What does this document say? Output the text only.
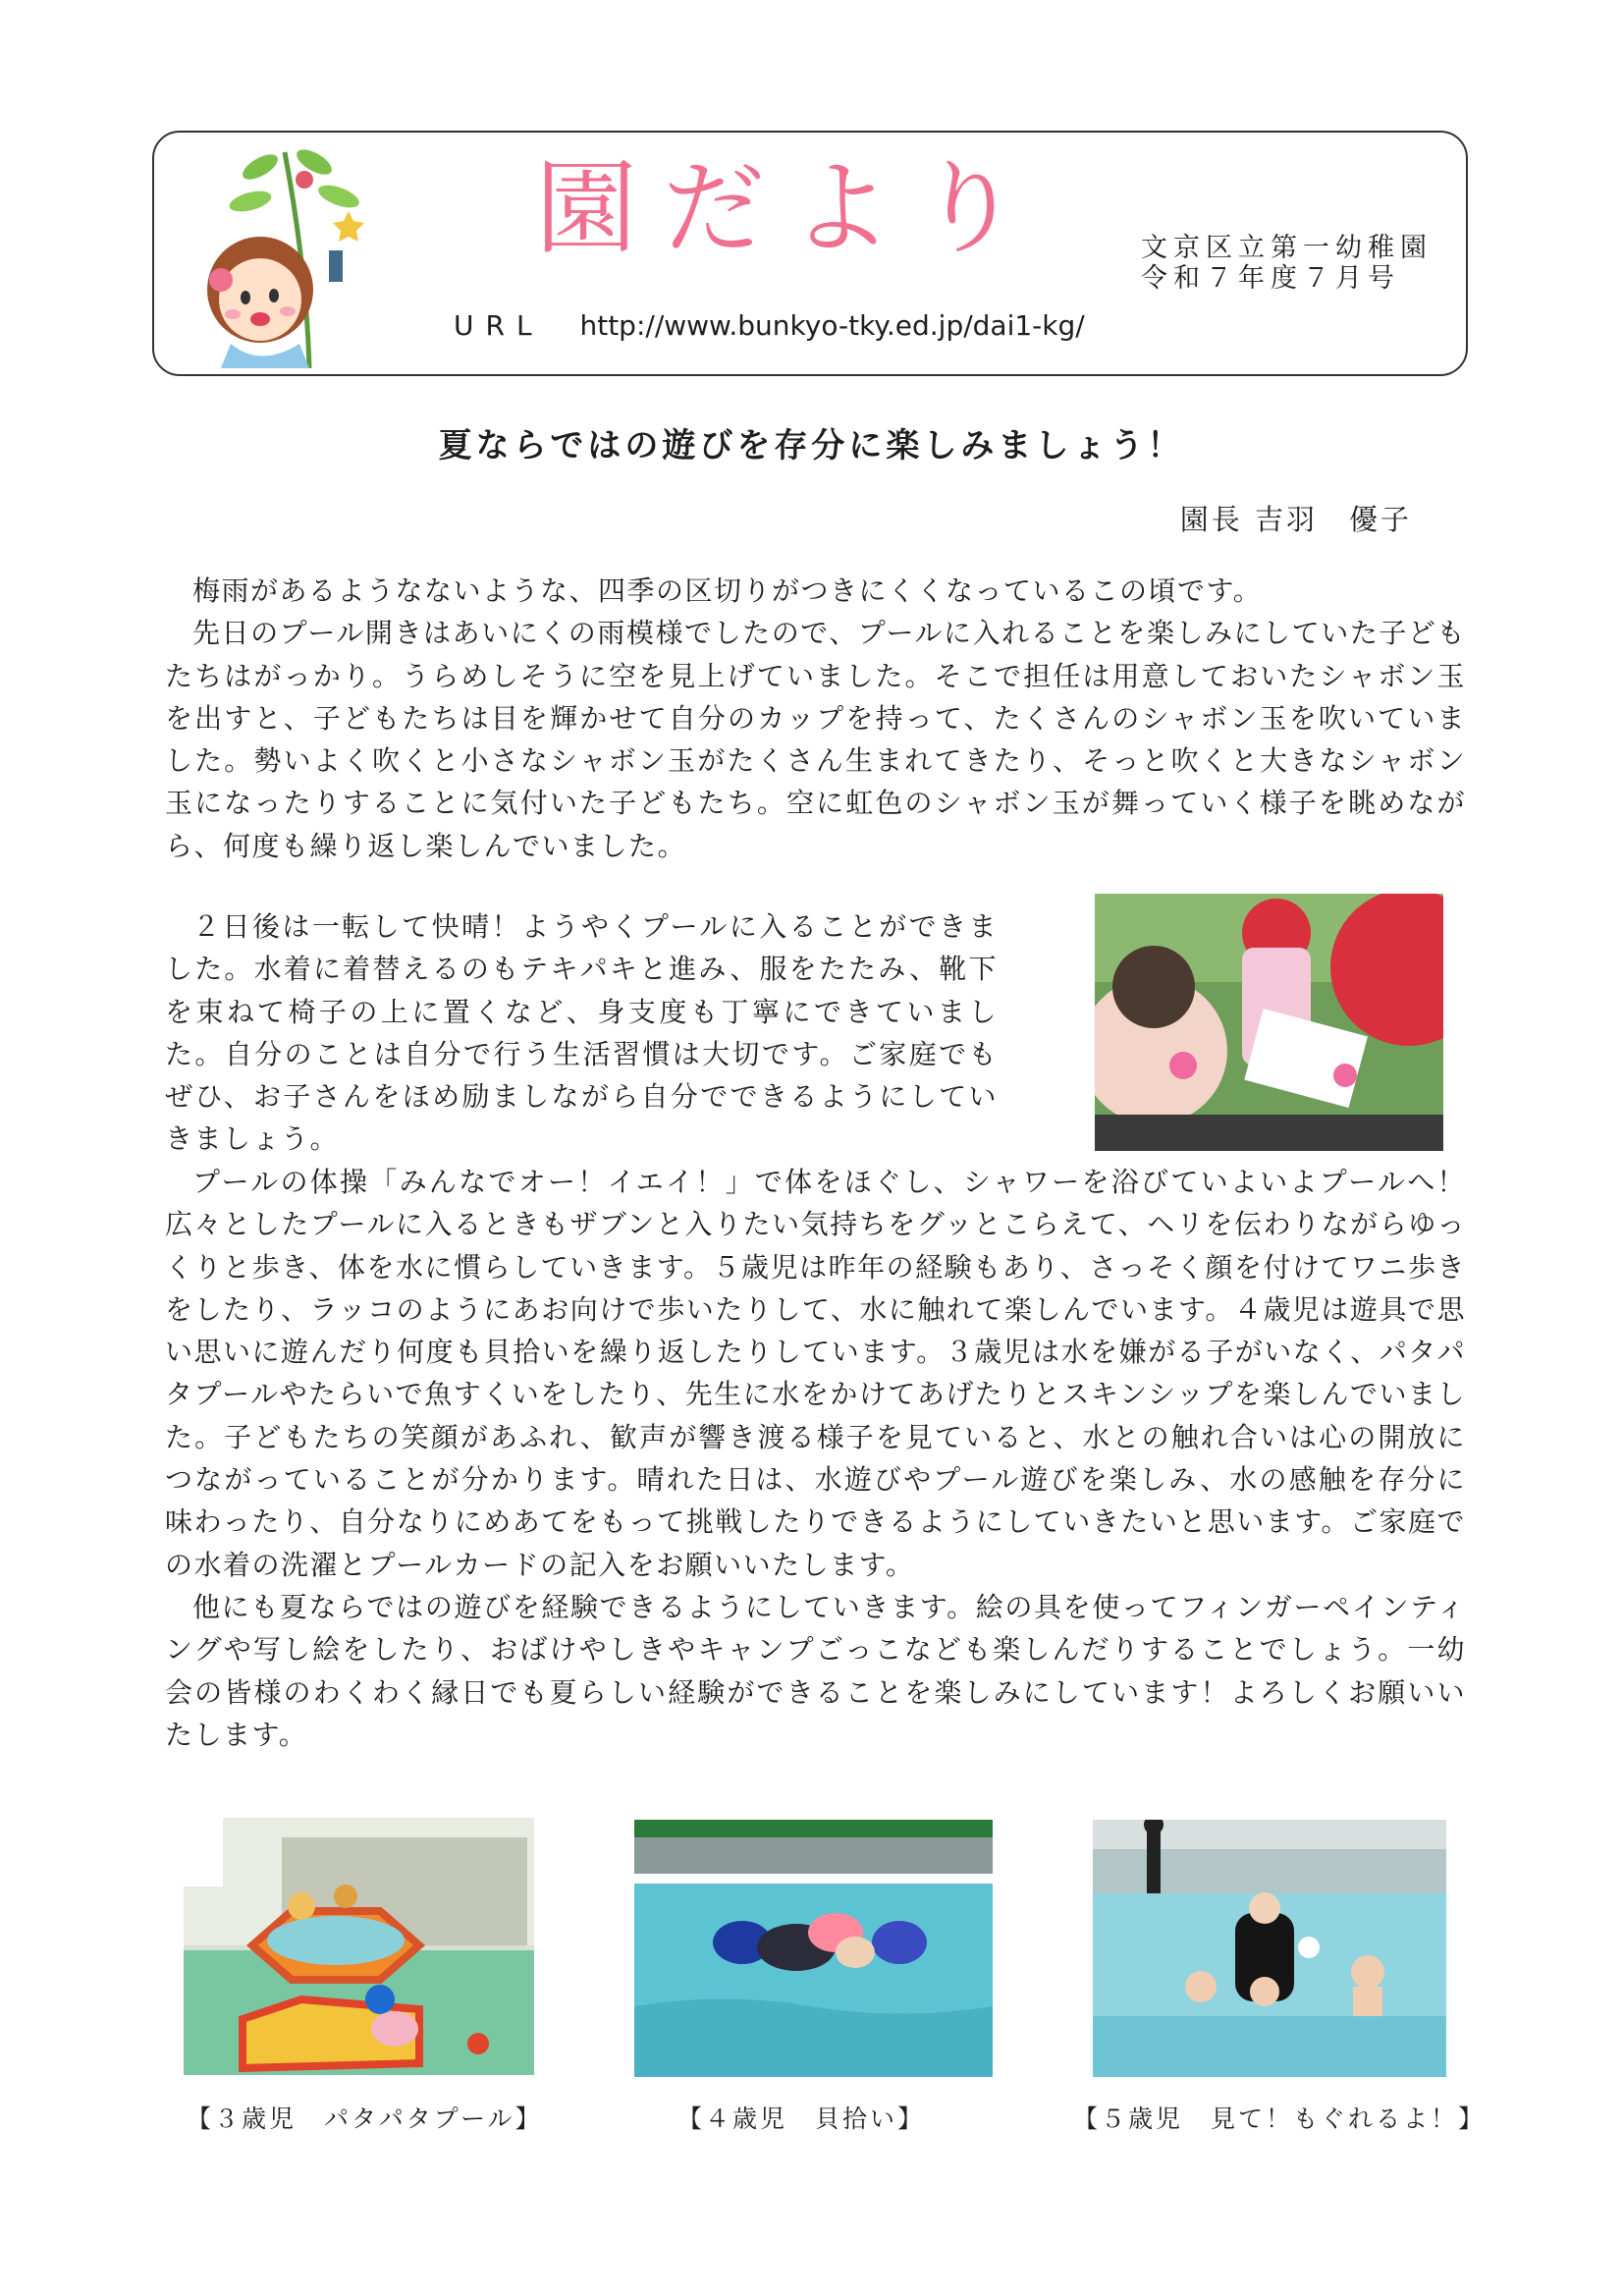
園だより	文京区立第一幼稚園
令和７年度７月号
URL http://www.bunkyo-tky.ed.jp/dai1-kg/
夏ならではの遊びを存分に楽しみましょう！
園長 吉羽　優子

梅雨があるようなないような、四季の区切りがつきにくくなっているこの頃です。

先日のプール開きはあいにくの雨模様でしたので、プールに入れることを楽しみにしていた子どもたちはがっかり。うらめしそうに空を見上げていました。そこで担任は用意しておいたシャボン玉を出すと、子どもたちは目を輝かせて自分のカップを持って、たくさんのシャボン玉を吹いていました。勢いよく吹くと小さなシャボン玉がたくさん生まれてきたり、そっと吹くと大きなシャボン玉になったりすることに気付いた子どもたち。空に虹色のシャボン玉が舞っていく様子を眺めながら、何度も繰り返し楽しんでいました。

２日後は一転して快晴！ようやくプールに入ることができました。水着に着替えるのもテキパキと進み、服をたたみ、靴下を束ねて椅子の上に置くなど、身支度も丁寧にできていました。自分のことは自分で行う生活習慣は大切です。ご家庭でもぜひ、お子さんをほめ励ましながら自分でできるようにしていきましょう。

プールの体操「みんなでオー！イエイ！」で体をほぐし、シャワーを浴びていよいよプールへ！広々としたプールに入るときもザブンと入りたい気持ちをグッとこらえて、ヘリを伝わりながらゆっくりと歩き、体を水に慣らしていきます。５歳児は昨年の経験もあり、さっそく顔を付けてワニ歩きをしたり、ラッコのようにあお向けで歩いたりして、水に触れて楽しんでいます。４歳児は遊具で思い思いに遊んだり何度も貝拾いを繰り返したりしています。３歳児は水を嫌がる子がいなく、パタパタプールやたらいで魚すくいをしたり、先生に水をかけてあげたりとスキンシップを楽しんでいました。子どもたちの笑顔があふれ、歓声が響き渡る様子を見ていると、水との触れ合いは心の開放につながっていることが分かります。晴れた日は、水遊びやプール遊びを楽しみ、水の感触を存分に味わったり、自分なりにめあてをもって挑戦したりできるようにしていきたいと思います。ご家庭での水着の洗濯とプールカードの記入をお願いいたします。

他にも夏ならではの遊びを経験できるようにしていきます。絵の具を使ってフィンガーペインティングや写し絵をしたり、おばけやしきやキャンプごっこなども楽しんだりすることでしょう。一幼会の皆様のわくわく縁日でも夏らしい経験ができることを楽しみにしています！よろしくお願いいたします。

【３歳児　パタパタプール】	【４歳児　貝拾い】	【５歳児　見て！もぐれるよ！】
